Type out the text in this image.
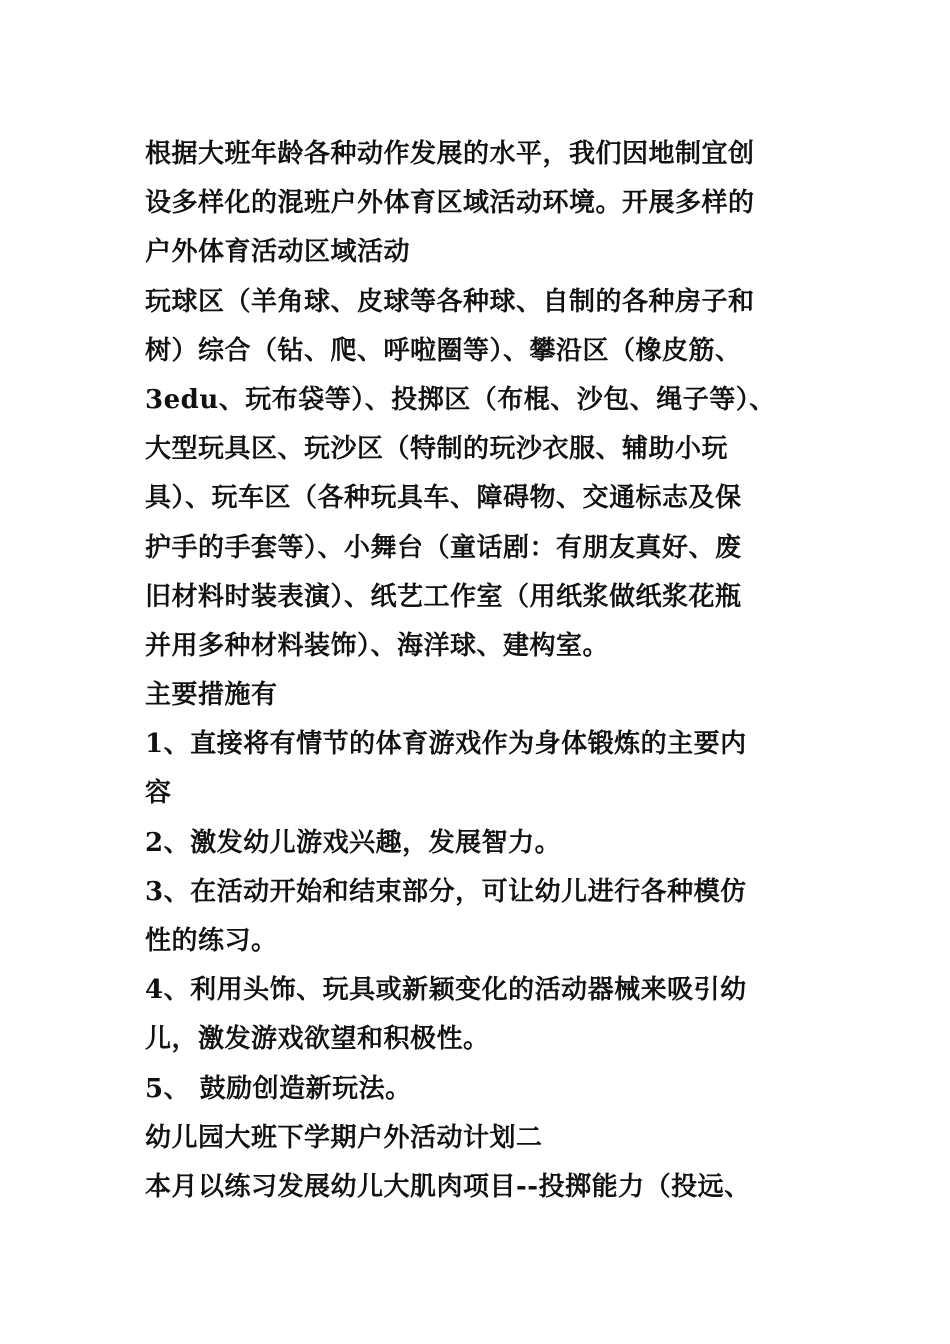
根据大班年龄各种动作发展的水平，我们因地制宜创
设多样化的混班户外体育区域活动环境。开展多样的
户外体育活动区域活动
玩球区（羊角球、皮球等各种球、自制的各种房子和
树）综合（钻、爬、呼啦圈等）、攀沿区（橡皮筋、
3edu、玩布袋等）、投掷区（布棍、沙包、绳子等）、
大型玩具区、玩沙区（特制的玩沙衣服、辅助小玩
具）、玩车区（各种玩具车、障碍物、交通标志及保
护手的手套等）、小舞台（童话剧：有朋友真好、废
旧材料时装表演）、纸艺工作室（用纸浆做纸浆花瓶
并用多种材料装饰）、海洋球、建构室。
主要措施有
1、直接将有情节的体育游戏作为身体锻炼的主要内
容
2、激发幼儿游戏兴趣，发展智力。
3、在活动开始和结束部分，可让幼儿进行各种模仿
性的练习。
4、利用头饰、玩具或新颖变化的活动器械来吸引幼
儿，激发游戏欲望和积极性。
5、 鼓励创造新玩法。
幼儿园大班下学期户外活动计划二
本月以练习发展幼儿大肌肉项目--投掷能力（投远、
